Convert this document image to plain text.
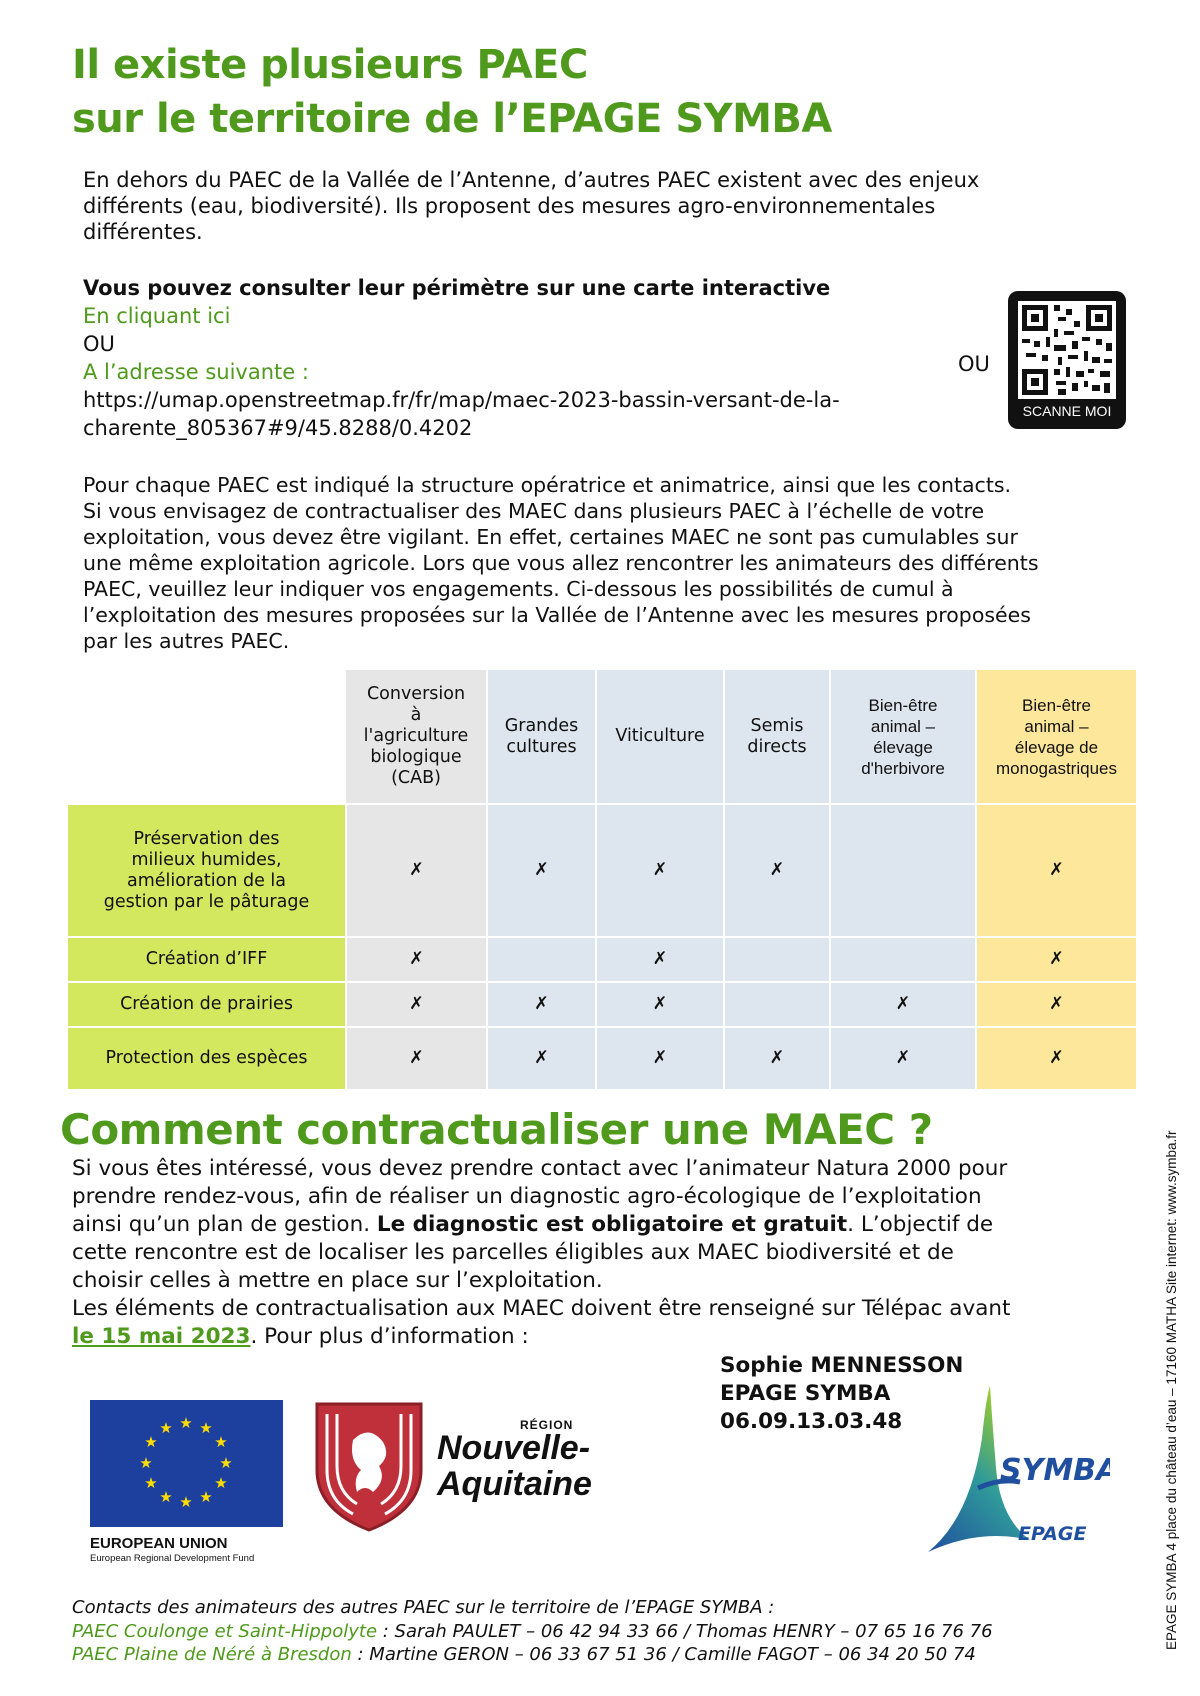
Il existe plusieurs PAEC
sur le territoire de l’EPAGE SYMBA
En dehors du PAEC de la Vallée de l’Antenne, d’autres PAEC existent avec des enjeux
différents (eau, biodiversité). Ils proposent des mesures agro-environnementales
différentes.
Vous pouvez consulter leur périmètre sur une carte interactive
En cliquant ici
OU
A l’adresse suivante :
https://umap.openstreetmap.fr/fr/map/maec-2023-bassin-versant-de-la-
charente_805367#9/45.8288/0.4202
OU
SCANNE MOI
Pour chaque PAEC est indiqué la structure opératrice et animatrice, ainsi que les contacts.
Si vous envisagez de contractualiser des MAEC dans plusieurs PAEC à l’échelle de votre
exploitation, vous devez être vigilant. En effet, certaines MAEC ne sont pas cumulables sur
une même exploitation agricole. Lors que vous allez rencontrer les animateurs des différents
PAEC, veuillez leur indiquer vos engagements. Ci-dessous les possibilités de cumul à
l’exploitation des mesures proposées sur la Vallée de l’Antenne avec les mesures proposées
par les autres PAEC.

	Conversion
à
l'agriculture
biologique
(CAB)	Grandes
cultures	Viticulture	Semis
directs	Bien-être
animal –
élevage
d'herbivore	Bien-être
animal –
élevage de
monogastriques

Préservation des
milieux humides,
amélioration de la
gestion par le pâturage	✗	✗	✗	✗		✗
Création d’IFF	✗		✗			✗
Création de prairies	✗	✗	✗		✗	✗
Protection des espèces	✗	✗	✗	✗	✗	✗
Comment contractualiser une MAEC ?
Si vous êtes intéressé, vous devez prendre contact avec l’animateur Natura 2000 pour
prendre rendez-vous, afin de réaliser un diagnostic agro-écologique de l’exploitation
ainsi qu’un plan de gestion. Le diagnostic est obligatoire et gratuit. L’objectif de
cette rencontre est de localiser les parcelles éligibles aux MAEC biodiversité et de
choisir celles à mettre en place sur l’exploitation.
Les éléments de contractualisation aux MAEC doivent être renseigné sur Télépac avant
le 15 mai 2023. Pour plus d’information :
Sophie MENNESSON
EPAGE SYMBA
06.09.13.03.48
★ ★
★
★
★
★
★
★
★
★
★
★
EUROPEAN UNION
European Regional Development Fund
RÉGION
Nouvelle-
Aquitaine	SYMBA
EPAGE
Contacts des animateurs des autres PAEC sur le territoire de l’EPAGE SYMBA :
PAEC Coulonge et Saint-Hippolyte : Sarah PAULET – 06 42 94 33 66 / Thomas HENRY – 07 65 16 76 76
PAEC Plaine de Néré à Bresdon : Martine GERON – 06 33 67 51 36 / Camille FAGOT – 06 34 20 50 74
EPAGE SYMBA 4 place du château d’eau – 17160 MATHA Site internet: www.symba.fr
